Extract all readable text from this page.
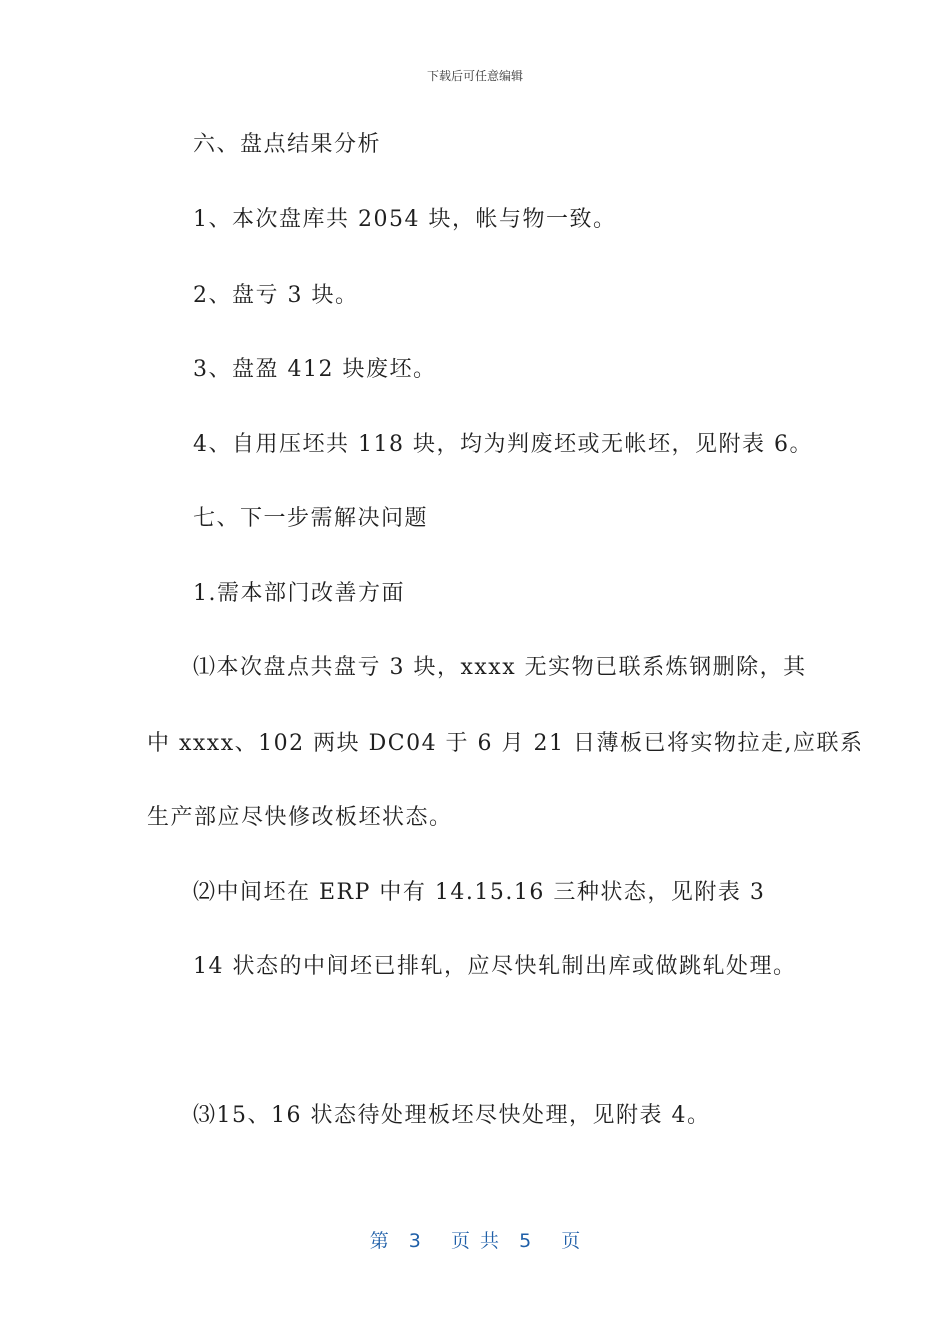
下载后可任意编辑
六、盘点结果分析
1、本次盘库共 2054 块，帐与物一致。
2、盘亏 3 块。
3、盘盈 412 块废坯。
4、自用压坯共 118 块，均为判废坯或无帐坯，见附表 6。
七、下一步需解决问题
1.需本部门改善方面
⑴本次盘点共盘亏 3 块，xxxx 无实物已联系炼钢删除，其
中 xxxx、102 两块 DC04 于 6 月 21 日薄板已将实物拉走,应联系
生产部应尽快修改板坯状态。
⑵中间坯在 ERP 中有 14.15.16 三种状态，见附表 3
14 状态的中间坯已排轧，应尽快轧制出库或做跳轧处理。
⑶15、16 状态待处理板坯尽快处理，见附表 4。
第  3   页 共  5   页
